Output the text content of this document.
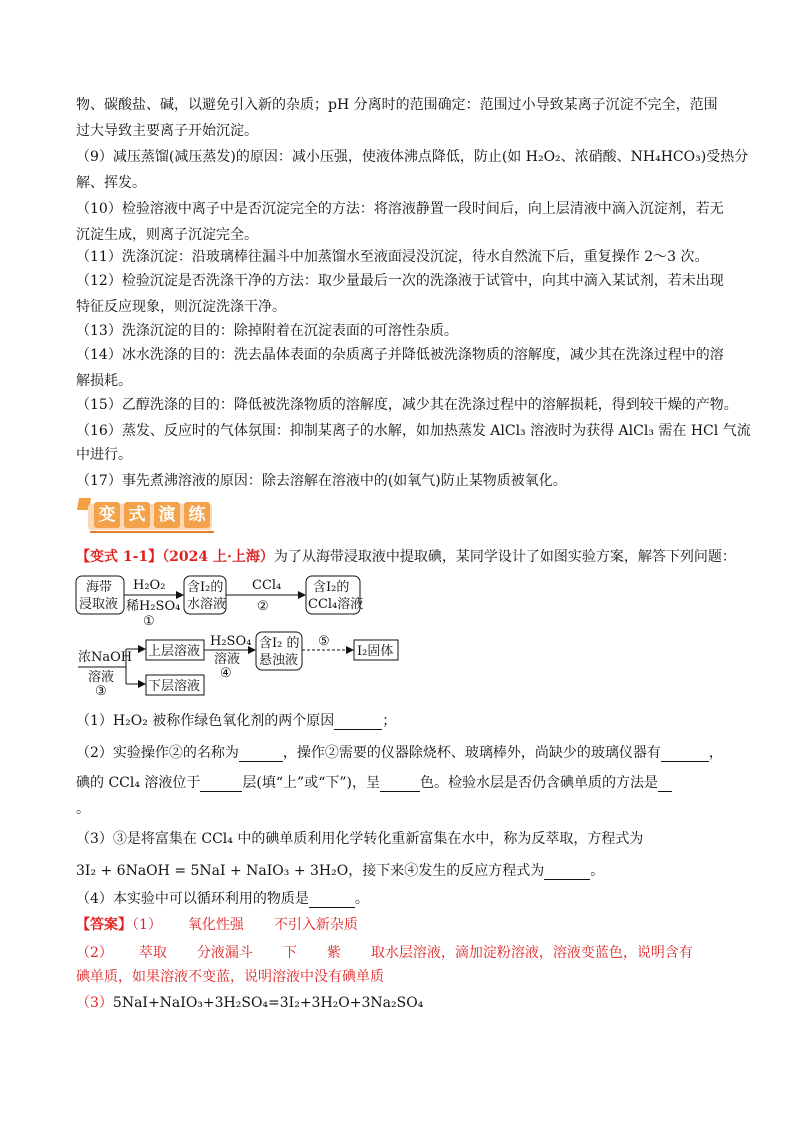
物、碳酸盐、碱，以避免引入新的杂质；pH 分离时的范围确定：范围过小导致某离子沉淀不完全，范围
过大导致主要离子开始沉淀。
（9）减压蒸馏(减压蒸发)的原因：减小压强，使液体沸点降低，防止(如 H₂O₂、浓硝酸、NH₄HCO₃)受热分
解、挥发。
（10）检验溶液中离子中是否沉淀完全的方法：将溶液静置一段时间后，向上层清液中滴入沉淀剂，若无
沉淀生成，则离子沉淀完全。
（11）洗涤沉淀：沿玻璃棒往漏斗中加蒸馏水至液面浸没沉淀，待水自然流下后，重复操作 2～3 次。
（12）检验沉淀是否洗涤干净的方法：取少量最后一次的洗涤液于试管中，向其中滴入某试剂，若未出现
特征反应现象，则沉淀洗涤干净。
（13）洗涤沉淀的目的：除掉附着在沉淀表面的可溶性杂质。
（14）冰水洗涤的目的：洗去晶体表面的杂质离子并降低被洗涤物质的溶解度，减少其在洗涤过程中的溶
解损耗。
（15）乙醇洗涤的目的：降低被洗涤物质的溶解度，减少其在洗涤过程中的溶解损耗，得到较干燥的产物。
（16）蒸发、反应时的气体氛围：抑制某离子的水解，如加热蒸发 AlCl₃ 溶液时为获得 AlCl₃ 需在 HCl 气流
中进行。
（17）事先煮沸溶液的原因：除去溶解在溶液中的(如氧气)防止某物质被氧化。
变 式 演 练
【变式 1-1】（2024 上·上海）为了从海带浸取液中提取碘，某同学设计了如图实验方案，解答下列问题：
海带
浸取液
H₂O₂
稀H₂SO₄
①
含I₂的
水溶液
CCl₄
②
含I₂的
CCl₄溶液
浓NaOH
溶液
③
上层溶液
下层溶液
H₂SO₄
溶液
④
含I₂ 的
悬浊液
⑤
I₂固体
（1）H₂O₂ 被称作绿色氧化剂的两个原因	；
（2）实验操作②的名称为	，操作②需要的仪器除烧杯、玻璃棒外，尚缺少的玻璃仪器有	，
碘的 CCl₄ 溶液位于	层(填“上”或“下”)，呈	色。检验水层是否仍含碘单质的方法是
。
（3）③是将富集在 CCl₄ 中的碘单质利用化学转化重新富集在水中，称为反萃取，方程式为
3I₂ + 6NaOH = 5NaI + NaIO₃ + 3H₂O，接下来④发生的反应方程式为	。
（4）本实验中可以循环利用的物质是	。
【答案】（1） 氧化性强 不引入新杂质
（2） 萃取 分液漏斗 下 紫 取水层溶液，滴加淀粉溶液，溶液变蓝色，说明含有
碘单质，如果溶液不变蓝，说明溶液中没有碘单质
（3）5NaI+NaIO₃+3H₂SO₄=3I₂+3H₂O+3Na₂SO₄
